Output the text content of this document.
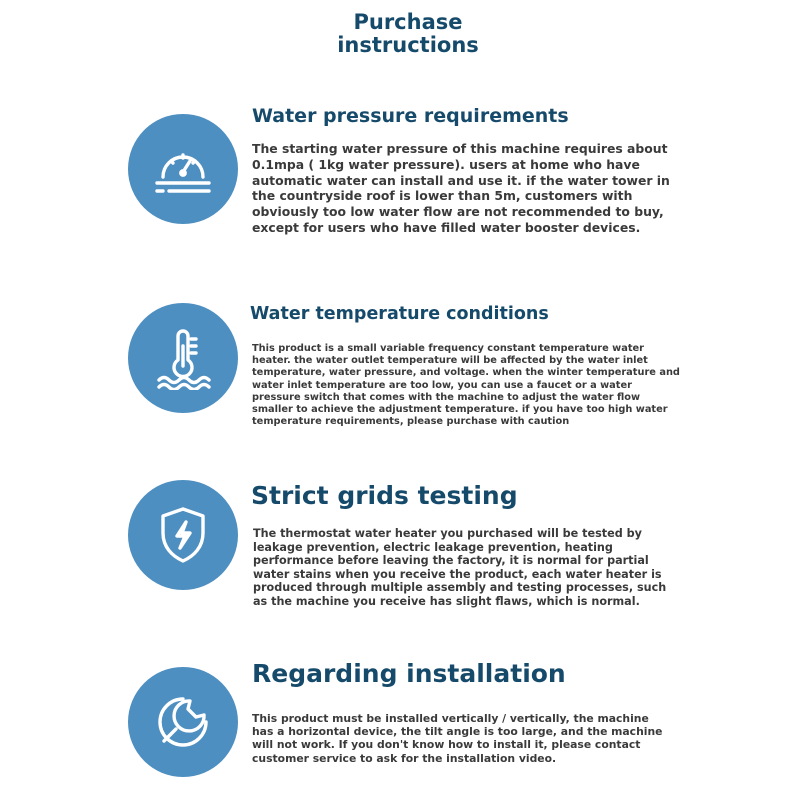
Purchase
instructions
Water pressure requirements

The starting water pressure of this machine requires about 0.1mpa ( 1kg water pressure). users at home who have automatic water can install and use it. if the water tower in the countryside roof is lower than 5m, customers with obviously too low water flow are not recommended to buy, except for users who have filled water booster devices.

Water temperature conditions

This product is a small variable frequency constant temperature water heater. the water outlet temperature will be affected by the water inlet temperature, water pressure, and voltage. when the winter temperature and water inlet temperature are too low, you can use a faucet or a water pressure switch that comes with the machine to adjust the water flow smaller to achieve the adjustment temperature. if you have too high water temperature requirements, please purchase with caution

Strict grids testing

The thermostat water heater you purchased will be tested by leakage prevention, electric leakage prevention, heating performance before leaving the factory, it is normal for partial water stains when you receive the product, each water heater is produced through multiple assembly and testing processes, such as the machine you receive has slight flaws, which is normal.

Regarding installation

This product must be installed vertically / vertically, the machine has a horizontal device, the tilt angle is too large, and the machine will not work. If you don't know how to install it, please contact customer service to ask for the installation video.
